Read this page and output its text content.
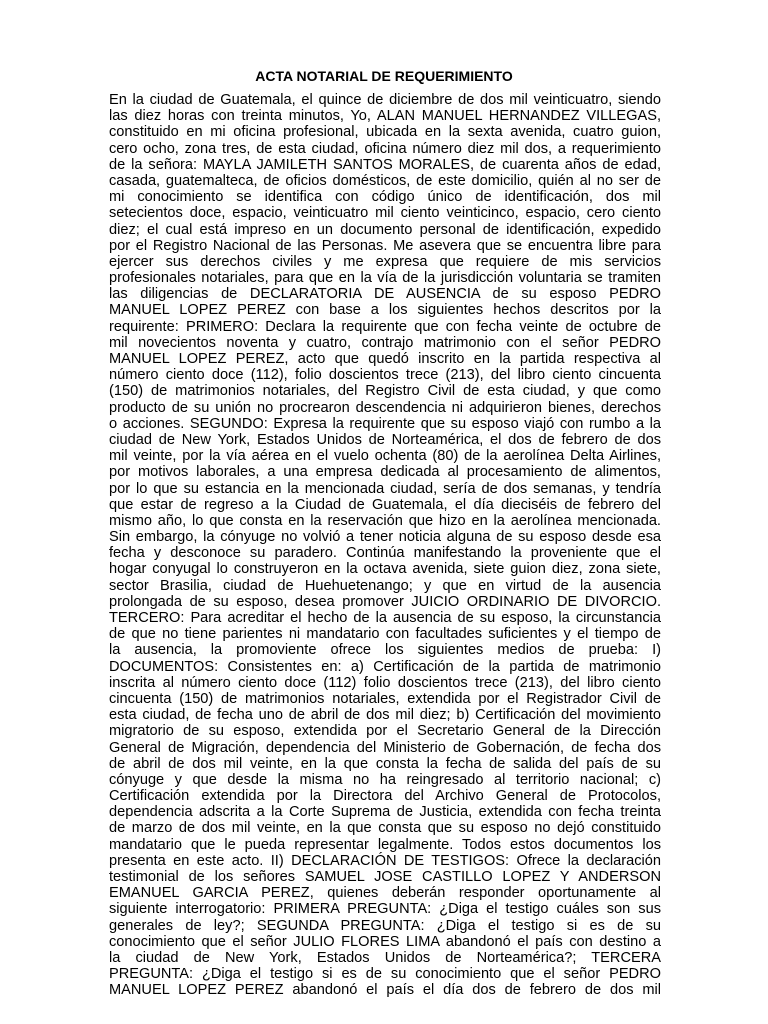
ACTA NOTARIAL DE REQUERIMIENTO
En la ciudad de Guatemala, el quince de diciembre de dos mil veinticuatro, siendo
las diez horas con treinta minutos, Yo, ALAN MANUEL HERNANDEZ VILLEGAS,
constituido en mi oficina profesional, ubicada en la sexta avenida, cuatro guion,
cero ocho, zona tres, de esta ciudad, oficina número diez mil dos, a requerimiento
de la señora: MAYLA JAMILETH SANTOS MORALES, de cuarenta años de edad,
casada, guatemalteca, de oficios domésticos, de este domicilio, quién al no ser de
mi conocimiento se identifica con código único de identificación, dos mil
setecientos doce, espacio, veinticuatro mil ciento veinticinco, espacio, cero ciento
diez; el cual está impreso en un documento personal de identificación, expedido
por el Registro Nacional de las Personas. Me asevera que se encuentra libre para
ejercer sus derechos civiles y me expresa que requiere de mis servicios
profesionales notariales, para que en la vía de la jurisdicción voluntaria se tramiten
las diligencias de DECLARATORIA DE AUSENCIA de su esposo PEDRO
MANUEL LOPEZ PEREZ con base a los siguientes hechos descritos por la
requirente: PRIMERO: Declara la requirente que con fecha veinte de octubre de
mil novecientos noventa y cuatro, contrajo matrimonio con el señor PEDRO
MANUEL LOPEZ PEREZ, acto que quedó inscrito en la partida respectiva al
número ciento doce (112), folio doscientos trece (213), del libro ciento cincuenta
(150) de matrimonios notariales, del Registro Civil de esta ciudad, y que como
producto de su unión no procrearon descendencia ni adquirieron bienes, derechos
o acciones. SEGUNDO: Expresa la requirente que su esposo viajó con rumbo a la
ciudad de New York, Estados Unidos de Norteamérica, el dos de febrero de dos
mil veinte, por la vía aérea en el vuelo ochenta (80) de la aerolínea Delta Airlines,
por motivos laborales, a una empresa dedicada al procesamiento de alimentos,
por lo que su estancia en la mencionada ciudad, sería de dos semanas, y tendría
que estar de regreso a la Ciudad de Guatemala, el día dieciséis de febrero del
mismo año, lo que consta en la reservación que hizo en la aerolínea mencionada.
Sin embargo, la cónyuge no volvió a tener noticia alguna de su esposo desde esa
fecha y desconoce su paradero. Continúa manifestando la proveniente que el
hogar conyugal lo construyeron en la octava avenida, siete guion diez, zona siete,
sector Brasilia, ciudad de Huehuetenango; y que en virtud de la ausencia
prolongada de su esposo, desea promover JUICIO ORDINARIO DE DIVORCIO.
TERCERO: Para acreditar el hecho de la ausencia de su esposo, la circunstancia
de que no tiene parientes ni mandatario con facultades suficientes y el tiempo de
la ausencia, la promoviente ofrece los siguientes medios de prueba: I)
DOCUMENTOS: Consistentes en: a) Certificación de la partida de matrimonio
inscrita al número ciento doce (112) folio doscientos trece (213), del libro ciento
cincuenta (150) de matrimonios notariales, extendida por el Registrador Civil de
esta ciudad, de fecha uno de abril de dos mil diez; b) Certificación del movimiento
migratorio de su esposo, extendida por el Secretario General de la Dirección
General de Migración, dependencia del Ministerio de Gobernación, de fecha dos
de abril de dos mil veinte, en la que consta la fecha de salida del país de su
cónyuge y que desde la misma no ha reingresado al territorio nacional; c)
Certificación extendida por la Directora del Archivo General de Protocolos,
dependencia adscrita a la Corte Suprema de Justicia, extendida con fecha treinta
de marzo de dos mil veinte, en la que consta que su esposo no dejó constituido
mandatario que le pueda representar legalmente. Todos estos documentos los
presenta en este acto. II) DECLARACIÓN DE TESTIGOS: Ofrece la declaración
testimonial de los señores SAMUEL JOSE CASTILLO LOPEZ Y ANDERSON
EMANUEL GARCIA PEREZ, quienes deberán responder oportunamente al
siguiente interrogatorio: PRIMERA PREGUNTA: ¿Diga el testigo cuáles son sus
generales de ley?; SEGUNDA PREGUNTA: ¿Diga el testigo si es de su
conocimiento que el señor JULIO FLORES LIMA abandonó el país con destino a
la ciudad de New York, Estados Unidos de Norteamérica?; TERCERA
PREGUNTA: ¿Diga el testigo si es de su conocimiento que el señor PEDRO
MANUEL LOPEZ PEREZ abandonó el país el día dos de febrero de dos mil
